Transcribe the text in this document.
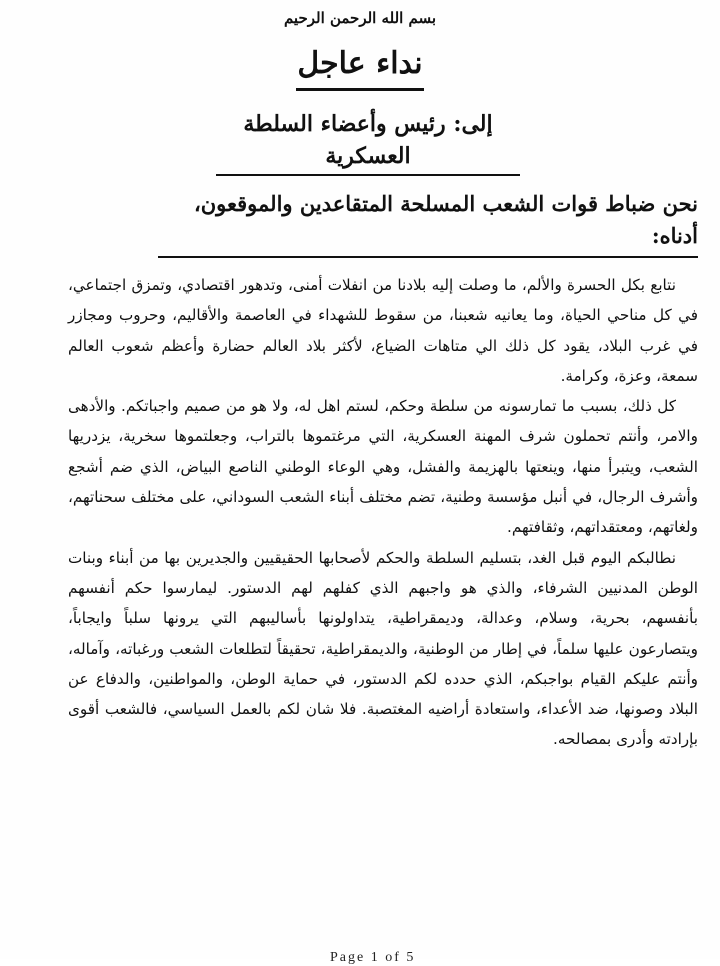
بسم الله الرحمن الرحيم
نداء عاجل
إلى: رئيس وأعضاء السلطة العسكرية
نحن ضباط قوات الشعب المسلحة المتقاعدين والموقعون، أدناه:

نتابع بكل الحسرة والألم، ما وصلت إليه بلادنا من انفلات أمنى، وتدهور اقتصادي، وتمزق اجتماعي، في كل مناحي الحياة، وما يعانيه شعبنا، من سقوط للشهداء في العاصمة والأقاليم، وحروب ومجازر في غرب البلاد، يقود كل ذلك الي متاهات الضياع، لأكثر بلاد العالم حضارة وأعظم شعوب العالم سمعة، وعزة، وكرامة.

كل ذلك، بسبب ما تمارسونه من سلطة وحكم، لستم اهل له، ولا هو من صميم واجباتكم. والأدهى والامر، وأنتم تحملون شرف المهنة العسكرية، التي مرغتموها بالتراب، وجعلتموها سخرية، يزدريها الشعب، ويتبرأ منها، وينعتها بالهزيمة والفشل، وهي الوعاء الوطني الناصع البياض، الذي ضم أشجع وأشرف الرجال، في أنبل مؤسسة وطنية، تضم مختلف أبناء الشعب السوداني، على مختلف سحناتهم، ولغاتهم، ومعتقداتهم، وثقافتهم.

نطالبكم اليوم قبل الغد، بتسليم السلطة والحكم لأصحابها الحقيقيين والجديرين بها من أبناء وبنات الوطن المدنيين الشرفاء، والذي هو واجبهم الذي كفلهم لهم الدستور. ليمارسوا حكم أنفسهم بأنفسهم، بحرية، وسلام، وعدالة، وديمقراطية، يتداولونها بأساليبهم التي يرونها سلباً وايجاباً، ويتصارعون عليها سلماً، في إطار من الوطنية، والديمقراطية، تحقيقاً لتطلعات الشعب ورغباته، وآماله، وأنتم عليكم القيام بواجبكم، الذي حدده لكم الدستور، في حماية الوطن، والمواطنين، والدفاع عن البلاد وصونها، ضد الأعداء، واستعادة أراضيه المغتصبة. فلا شان لكم بالعمل السياسي، فالشعب أقوى بإرادته وأدرى بمصالحه.

Page 1 of 5
